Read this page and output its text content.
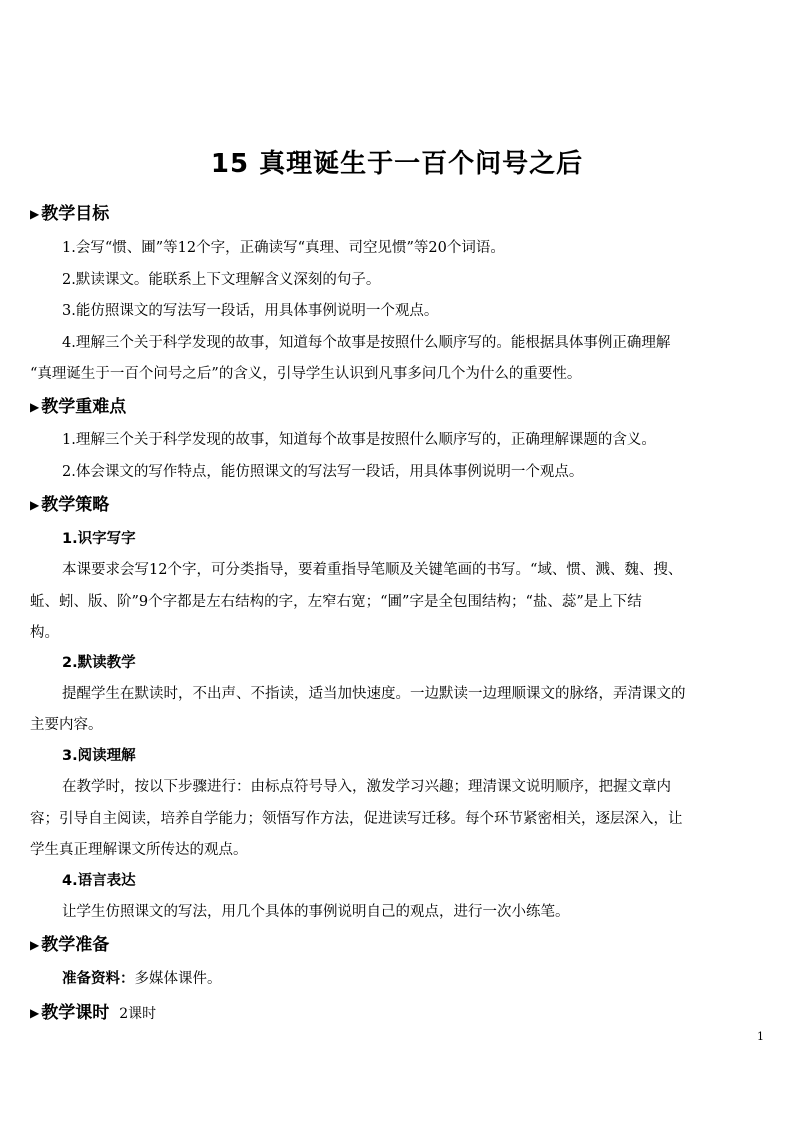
15 真理诞生于一百个问号之后
▶ 教学目标
1.会写“惯、圃”等12个字，正确读写“真理、司空见惯”等20个词语。
2.默读课文。能联系上下文理解含义深刻的句子。
3.能仿照课文的写法写一段话，用具体事例说明一个观点。
4.理解三个关于科学发现的故事，知道每个故事是按照什么顺序写的。能根据具体事例正确理解
“真理诞生于一百个问号之后”的含义，引导学生认识到凡事多问几个为什么的重要性。
▶ 教学重难点
1.理解三个关于科学发现的故事，知道每个故事是按照什么顺序写的，正确理解课题的含义。
2.体会课文的写作特点，能仿照课文的写法写一段话，用具体事例说明一个观点。
▶ 教学策略
1.识字写字
本课要求会写12个字，可分类指导，要着重指导笔顺及关键笔画的书写。“域、惯、溅、魏、搜、
蚯、蚓、版、阶”9个字都是左右结构的字，左窄右宽；“圃”字是全包围结构；“盐、蕊”是上下结
构。
2.默读教学
提醒学生在默读时，不出声、不指读，适当加快速度。一边默读一边理顺课文的脉络，弄清课文的
主要内容。
3.阅读理解
在教学时，按以下步骤进行：由标点符号导入，激发学习兴趣；理清课文说明顺序，把握文章内
容；引导自主阅读，培养自学能力；领悟写作方法，促进读写迁移。每个环节紧密相关，逐层深入，让
学生真正理解课文所传达的观点。
4.语言表达
让学生仿照课文的写法，用几个具体的事例说明自己的观点，进行一次小练笔。
▶ 教学准备
准备资料：多媒体课件。
▶ 教学课时 2课时
1
